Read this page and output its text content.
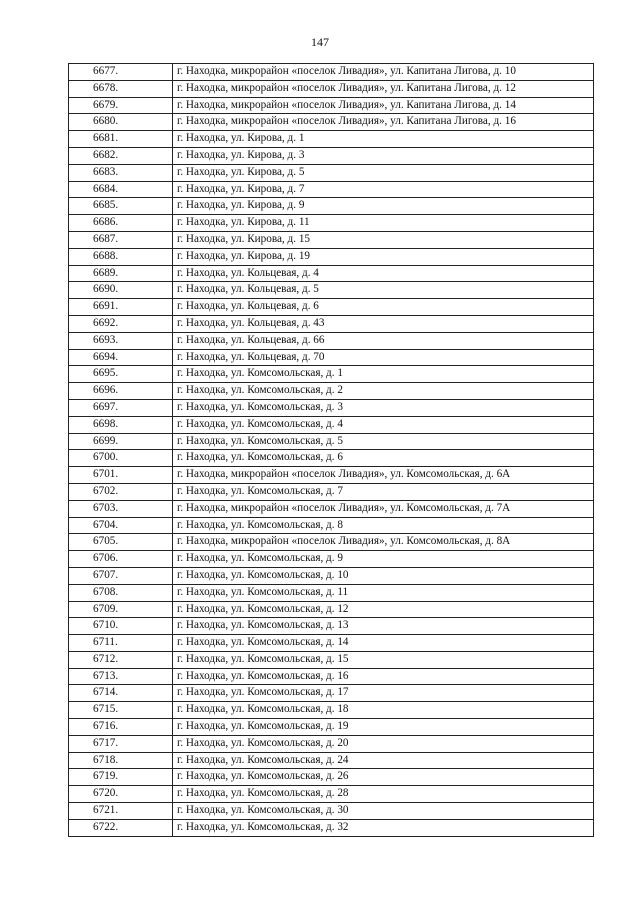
147
6677.	г. Находка, микрорайон «поселок Ливадия», ул. Капитана Лигова, д. 10
6678.	г. Находка, микрорайон «поселок Ливадия», ул. Капитана Лигова, д. 12
6679.	г. Находка, микрорайон «поселок Ливадия», ул. Капитана Лигова, д. 14
6680.	г. Находка, микрорайон «поселок Ливадия», ул. Капитана Лигова, д. 16
6681.	г. Находка, ул. Кирова, д. 1
6682.	г. Находка, ул. Кирова, д. 3
6683.	г. Находка, ул. Кирова, д. 5
6684.	г. Находка, ул. Кирова, д. 7
6685.	г. Находка, ул. Кирова, д. 9
6686.	г. Находка, ул. Кирова, д. 11
6687.	г. Находка, ул. Кирова, д. 15
6688.	г. Находка, ул. Кирова, д. 19
6689.	г. Находка, ул. Кольцевая, д. 4
6690.	г. Находка, ул. Кольцевая, д. 5
6691.	г. Находка, ул. Кольцевая, д. 6
6692.	г. Находка, ул. Кольцевая, д. 43
6693.	г. Находка, ул. Кольцевая, д. 66
6694.	г. Находка, ул. Кольцевая, д. 70
6695.	г. Находка, ул. Комсомольская, д. 1
6696.	г. Находка, ул. Комсомольская, д. 2
6697.	г. Находка, ул. Комсомольская, д. 3
6698.	г. Находка, ул. Комсомольская, д. 4
6699.	г. Находка, ул. Комсомольская, д. 5
6700.	г. Находка, ул. Комсомольская, д. 6
6701.	г. Находка, микрорайон «поселок Ливадия», ул. Комсомольская, д. 6А
6702.	г. Находка, ул. Комсомольская, д. 7
6703.	г. Находка, микрорайон «поселок Ливадия», ул. Комсомольская, д. 7А
6704.	г. Находка, ул. Комсомольская, д. 8
6705.	г. Находка, микрорайон «поселок Ливадия», ул. Комсомольская, д. 8А
6706.	г. Находка, ул. Комсомольская, д. 9
6707.	г. Находка, ул. Комсомольская, д. 10
6708.	г. Находка, ул. Комсомольская, д. 11
6709.	г. Находка, ул. Комсомольская, д. 12
6710.	г. Находка, ул. Комсомольская, д. 13
6711.	г. Находка, ул. Комсомольская, д. 14
6712.	г. Находка, ул. Комсомольская, д. 15
6713.	г. Находка, ул. Комсомольская, д. 16
6714.	г. Находка, ул. Комсомольская, д. 17
6715.	г. Находка, ул. Комсомольская, д. 18
6716.	г. Находка, ул. Комсомольская, д. 19
6717.	г. Находка, ул. Комсомольская, д. 20
6718.	г. Находка, ул. Комсомольская, д. 24
6719.	г. Находка, ул. Комсомольская, д. 26
6720.	г. Находка, ул. Комсомольская, д. 28
6721.	г. Находка, ул. Комсомольская, д. 30
6722.	г. Находка, ул. Комсомольская, д. 32
